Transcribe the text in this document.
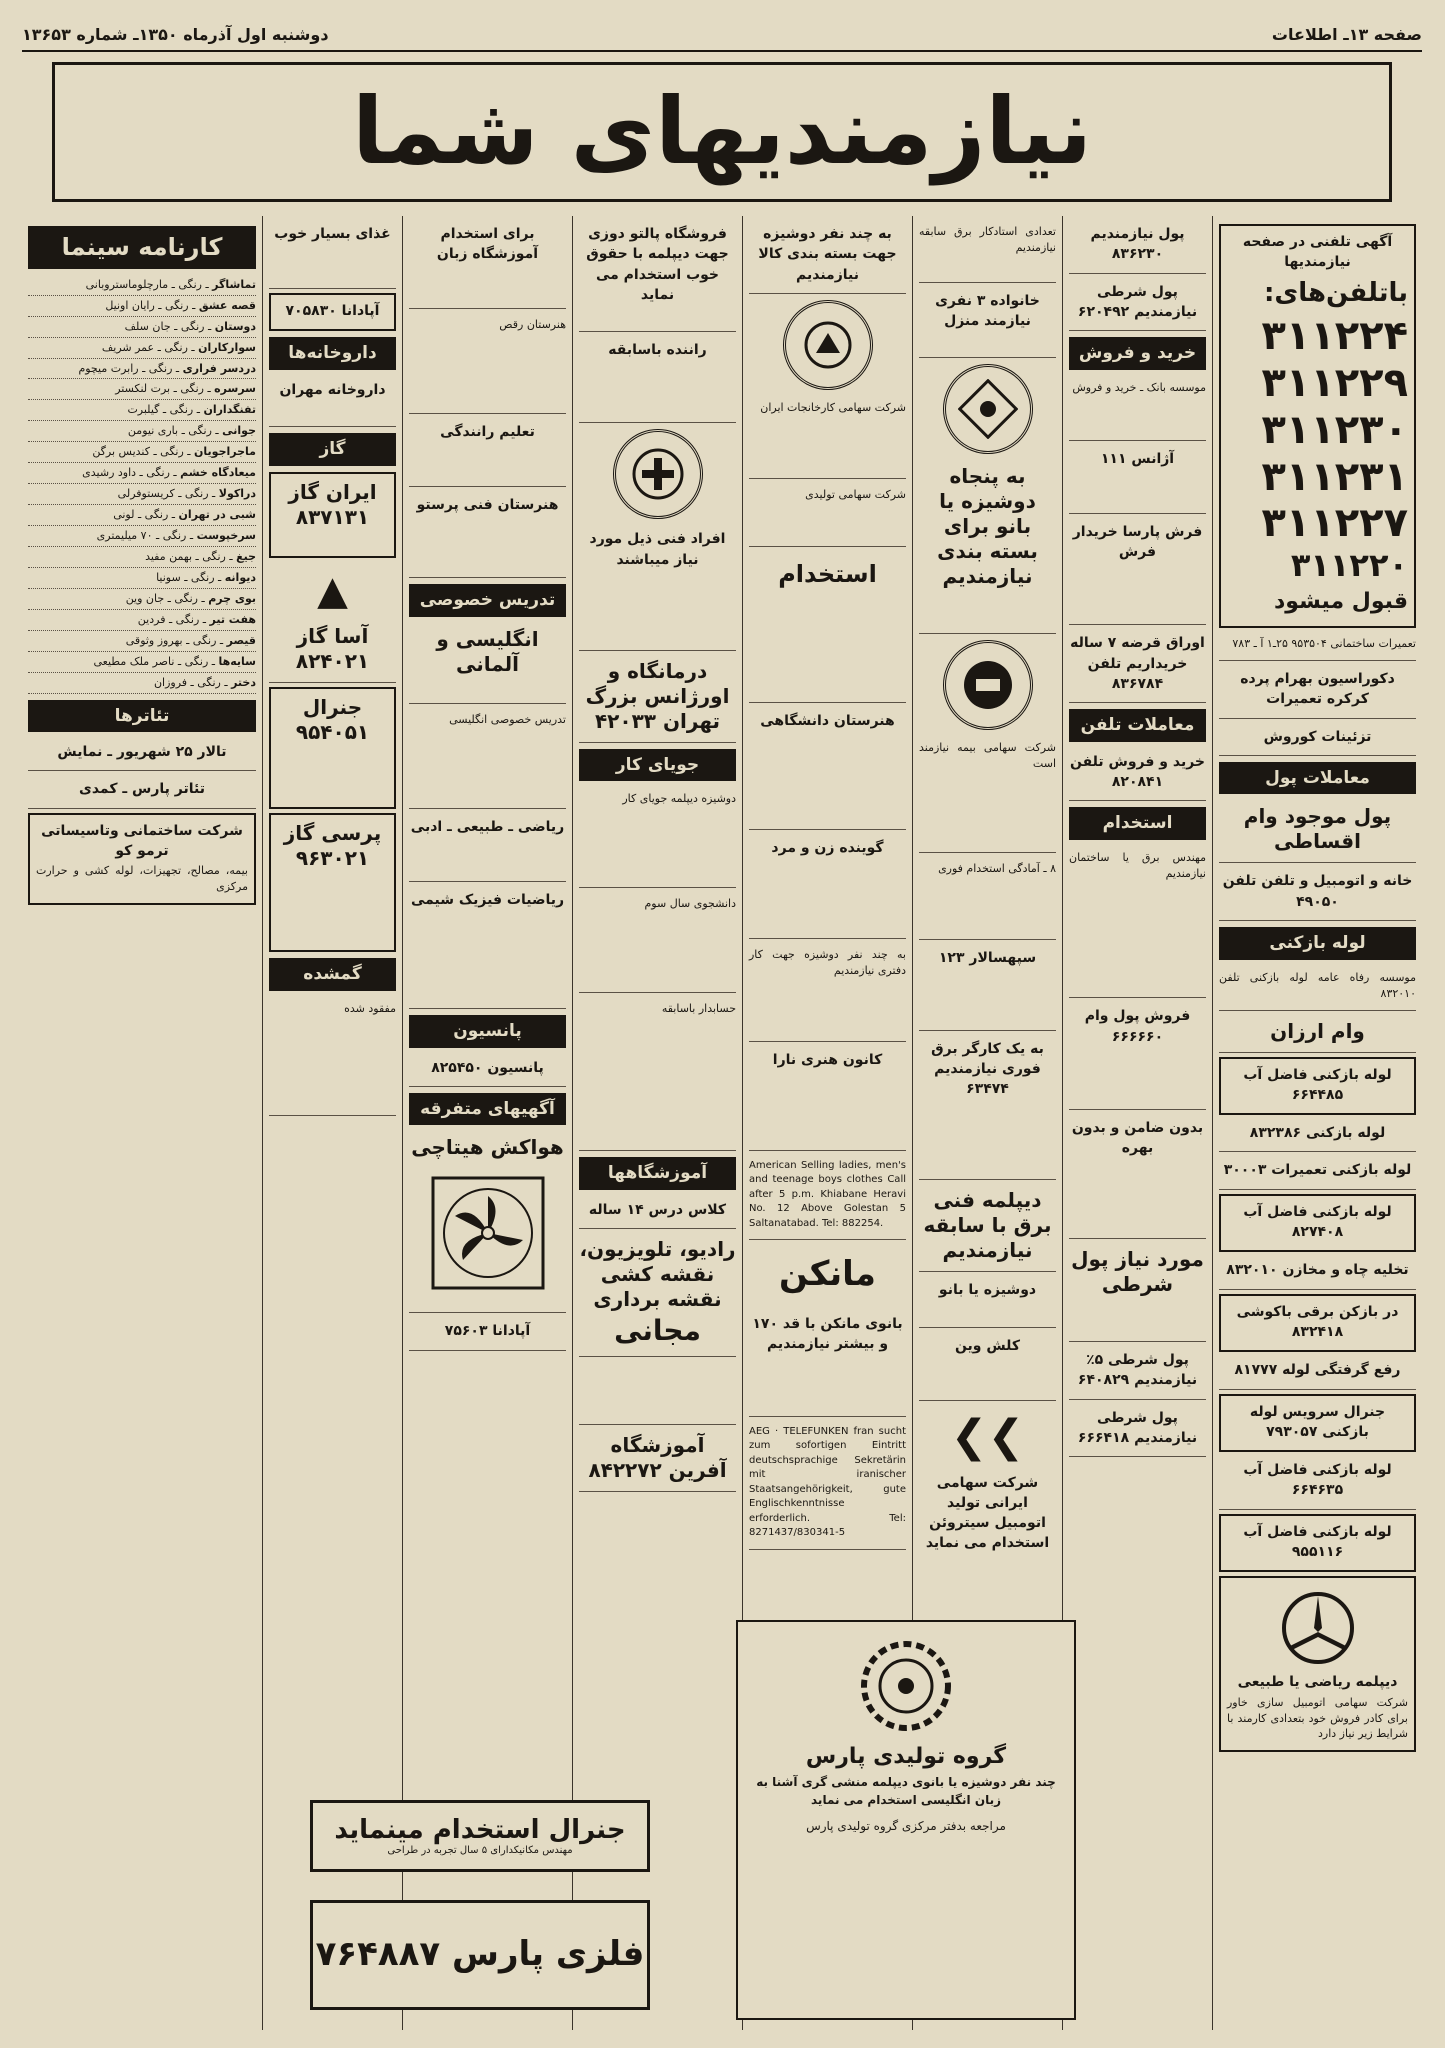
صفحه ۱۳ـ اطلاعات
دوشنبه اول آذرماه ۱۳۵۰ـ شماره ۱۳۶۵۳
نیازمندیهای شما

آگهی تلفنی در صفحه نیازمندیها

باتلفن‌های:

۳۱۱۲۲۴

۳۱۱۲۲۹

۳۱۱۲۳۰

۳۱۱۲۳۱

۳۱۱۲۲۷

۳۱۱۲۲۰

قبول میشود

تعمیرات ساختمانی ۹۵۳۵۰۴ ۲۵ـ۱ آ ـ ۷۸۳

دکوراسیون بهرام پرده کرکره تعمیرات

تزئینات کوروش

معاملات پول

پول موجود وام اقساطی

خانه و اتومبیل و تلفن تلفن ۴۹۰۵۰

لوله بازکنی

موسسه رفاه عامه لوله بازکنی تلفن ۸۳۲۰۱۰

وام ارزان

لوله بازکنی فاضل آب ۶۶۴۴۸۵

لوله بازکنی ۸۳۲۳۸۶

لوله بازکنی تعمیرات ۳۰۰۰۳

لوله بازکنی فاضل آب ۸۲۷۴۰۸

تخلیه چاه و مخازن ۸۳۲۰۱۰

در بازکن برقی باکوشی ۸۳۲۴۱۸

رفع گرفتگی لوله ۸۱۷۷۷

جنرال سرویس لوله بازکنی ۷۹۳۰۵۷

لوله بازکنی فاضل آب ۶۶۴۶۳۵

لوله بازکنی فاضل آب ۹۵۵۱۱۶

دیپلمه ریاضی یا طبیعی

شرکت سهامی اتومبیل سازی خاور برای کادر فروش خود بتعدادی کارمند با شرایط زیر نیاز دارد

پول نیازمندیم ۸۳۶۲۳۰

پول شرطی نیازمندیم ۶۲۰۴۹۲

خرید و فروش

موسسه بانک ـ خرید و فروش

آژانس ۱۱۱

فرش پارسا خریدار فرش

اوراق قرضه ۷ ساله خریداریم تلفن ۸۳۶۷۸۴

معاملات تلفن

خرید و فروش تلفن ۸۲۰۸۴۱

استخدام

مهندس برق یا ساختمان نیازمندیم

فروش پول وام ۶۶۶۶۶۰

بدون ضامن و بدون بهره

مورد نیاز پول شرطی

پول شرطی ۵٪ نیازمندیم ۶۴۰۸۲۹

پول شرطی نیازمندیم ۶۶۶۴۱۸

تعدادی استادکار برق سابقه نیازمندیم

خانواده ۳ نفری نیازمند منزل

به پنجاه دوشیزه یا بانو برای بسته بندی نیازمندیم

شرکت سهامی بیمه نیازمند است

۸ ـ آمادگی استخدام فوری

سپهسالار ۱۲۳

به یک کارگر برق فوری نیازمندیم ۶۳۴۷۴

دیپلمه فنی برق با سابقه نیازمندیم

دوشیزه یا بانو

کلش وین

❯❯

شرکت سهامی ایرانی تولید اتومبیل سیتروئن استخدام می نماید

به چند نفر دوشیزه جهت بسته بندی کالا نیازمندیم

شرکت سهامی کارخانجات ایران

شرکت سهامی تولیدی

استخدام

هنرستان دانشگاهی

گوینده زن و مرد

به چند نفر دوشیزه جهت کار دفتری نیازمندیم

کانون هنری نارا

American Selling ladies, men's and teenage boys clothes Call after 5 p.m. Khiabane Heravi No. 12 Above Golestan 5 Saltanatabad. Tel: 882254.

مانکن

بانوی مانکن با قد ۱۷۰ و بیشتر نیازمندیم

AEG · TELEFUNKEN fran sucht zum sofortigen Eintritt deutschsprachige Sekretärin mit iranischer Staatsangehörigkeit, gute Englischkenntnisse erforderlich. Tel: 8271437/830341-5

فروشگاه پالتو دوزی جهت دیپلمه با حقوق خوب استخدام می نماید

راننده باسابقه

افراد فنی ذیل مورد نیاز میباشند

درمانگاه و اورژانس بزرگ تهران ۴۲۰۳۳

جویای کار

دوشیزه دیپلمه جویای کار

دانشجوی سال سوم

حسابدار باسابقه

آموزشگاهها

کلاس درس ۱۴ ساله

رادیو، تلویزیون، نقشه کشی نقشه برداری

مجانی

آموزشگاه آفرین ۸۴۲۲۷۲

برای استخدام آموزشگاه زبان

هنرستان رقص

تعلیم رانندگی

هنرستان فنی پرستو

تدریس خصوصی

انگلیسی و آلمانی

تدریس خصوصی انگلیسی

ریاضی ـ طبیعی ـ ادبی

ریاضیات فیزیک شیمی

پانسیون

پانسیون ۸۲۵۴۵۰

آگهیهای متفرقه

هواکش هیتاچی

آپادانا ۷۵۶۰۳

غذای بسیار خوب

آپادانا ۷۰۵۸۳۰

داروخانه‌ها

داروخانه مهران

گاز

ایران گاز ۸۳۷۱۳۱

▲

آسا گاز ۸۲۴۰۲۱

جنرال ۹۵۴۰۵۱

پرسی گاز ۹۶۳۰۲۱

گمشده

مفقود شده

کارنامه سینما
تماشاگر ـ رنگی ـ مارچلوماستروبانی
قصه عشق ـ رنگی ـ رایان اونیل
دوستان ـ رنگی ـ جان سلف
سوارکاران ـ رنگی ـ عمر شریف
دردسر فراری ـ رنگی ـ رابرت میچوم
سرسره ـ رنگی ـ برت لنکستر
تفنگداران ـ رنگی ـ گیلبرت
جوانی ـ رنگی ـ باری نیومن
ماجراجویان ـ رنگی ـ کندیس برگن
میعادگاه خشم ـ رنگی ـ داود رشیدی
دراکولا ـ رنگی ـ کریستوفرلی
شبی در تهران ـ رنگی ـ لونی
سرخپوست ـ رنگی ـ ۷۰ میلیمتری
جیغ ـ رنگی ـ بهمن مفید
دیوانه ـ رنگی ـ سونیا
بوی چرم ـ رنگی ـ جان وین
هفت تیر ـ رنگی ـ فردین
قیصر ـ رنگی ـ بهروز وثوقی
سایه‌ها ـ رنگی ـ ناصر ملک مطیعی
دختر ـ رنگی ـ فروزان
تئاترها

تالار ۲۵ شهریور ـ نمایش

تئاتر پارس ـ کمدی

شرکت ساختمانی وتاسیساتی ترمو کو

بیمه، مصالح، تجهیزات، لوله کشی و حرارت مرکزی

جنرال استخدام مینماید

مهندس مکانیکدارای ۵ سال تجربه در طراحی

فلزی پارس ۷۶۴۸۸۷

گروه تولیدی پارس

چند نفر دوشیزه یا بانوی دیپلمه منشی گری آشنا به زبان انگلیسی استخدام می نماید

مراجعه بدفتر مرکزی گروه تولیدی پارس
